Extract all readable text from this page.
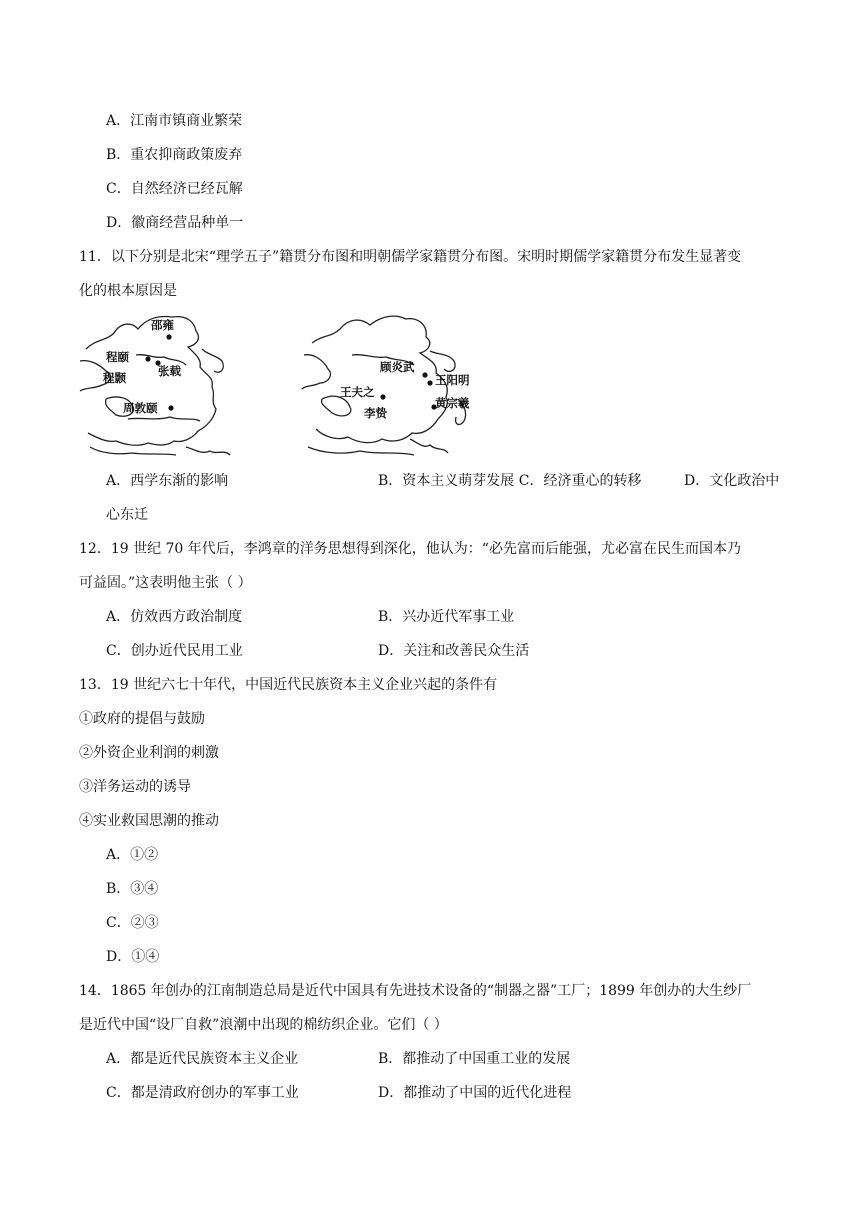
A．江南市镇商业繁荣
B．重农抑商政策废弃
C．自然经济已经瓦解
D．徽商经营品种单一
11．以下分别是北宋“理学五子”籍贯分布图和明朝儒学家籍贯分布图。宋明时期儒学家籍贯分布发生显著变
化的根本原因是
邵雍
程颐
程颢	张载
周敦颐
顾炎武
王阳明
王夫之
李贽
黄宗羲
A．西学东渐的影响	B．资本主义萌芽发展 C．经济重心的转移	D．文化政治中
心东迁
12．19 世纪 70 年代后，李鸿章的洋务思想得到深化，他认为：“必先富而后能强，尤必富在民生而国本乃
可益固。”这表明他主张（ ）
A．仿效西方政治制度	B．兴办近代军事工业
C．创办近代民用工业	D．关注和改善民众生活
13．19 世纪六七十年代，中国近代民族资本主义企业兴起的条件有
①政府的提倡与鼓励
②外资企业利润的刺激
③洋务运动的诱导
④实业救国思潮的推动
A．①②
B．③④
C．②③
D．①④
14．1865 年创办的江南制造总局是近代中国具有先进技术设备的“制器之器”工厂；1899 年创办的大生纱厂
是近代中国“设厂自救”浪潮中出现的棉纺织企业。它们（ ）
A．都是近代民族资本主义企业	B．都推动了中国重工业的发展
C．都是清政府创办的军事工业	D．都推动了中国的近代化进程
